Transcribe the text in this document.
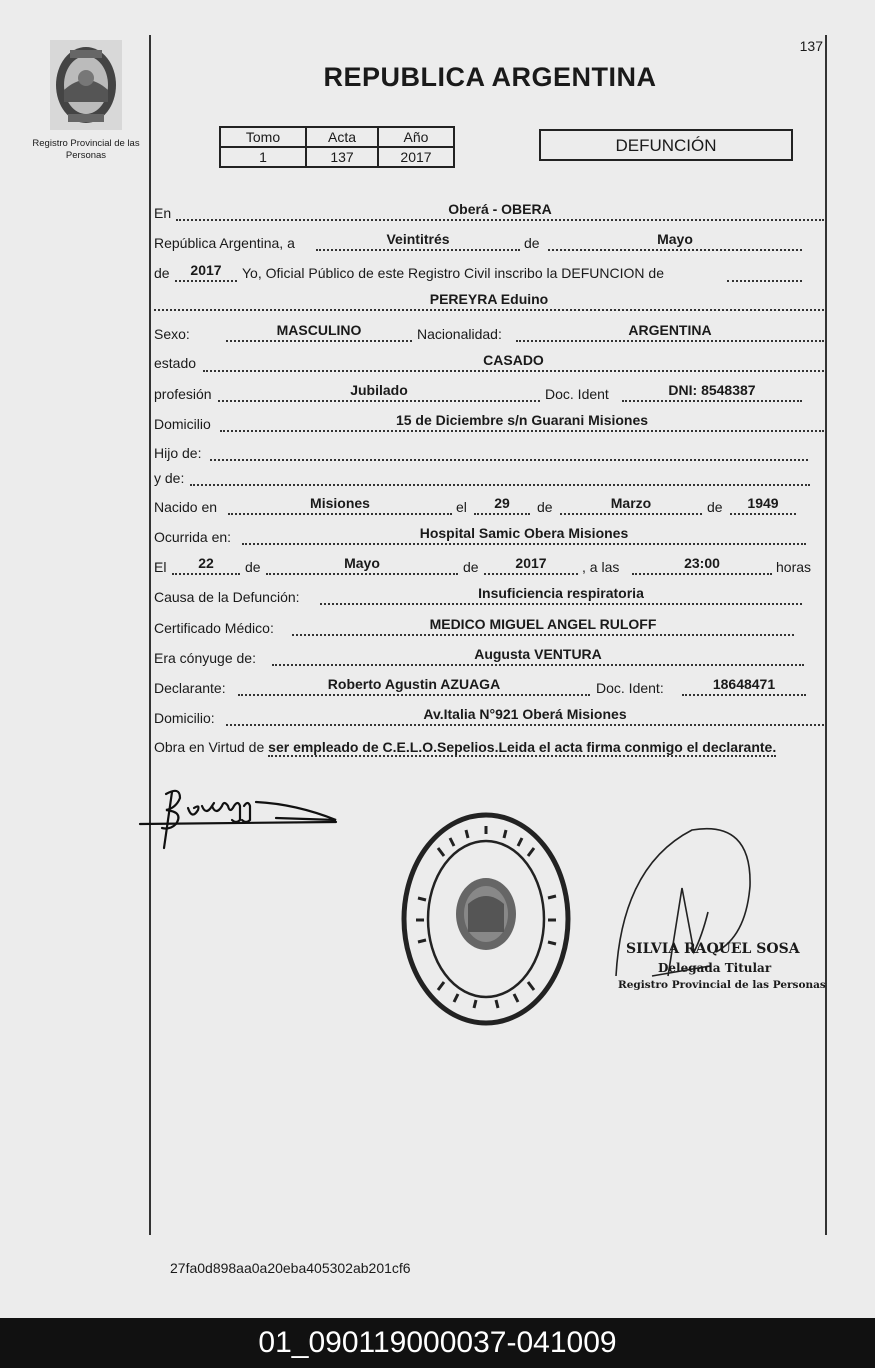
137
REPUBLICA ARGENTINA
Registro Provincial de las Personas
Tomo	Acta	Año
1	137	2017
DEFUNCIÓN
En	Oberá - OBERA
República Argentina, a	Veintitrés	de	Mayo
de	2017	Yo, Oficial Público de este Registro Civil inscribo la DEFUNCION de
PEREYRA Eduino
Sexo:	MASCULINO	Nacionalidad:	ARGENTINA
estado	CASADO
profesión	Jubilado	Doc. Ident	DNI: 8548387
Domicilio	15 de Diciembre s/n Guarani Misiones
Hijo de:
y de:
Nacido en	Misiones	el	29	de	Marzo	de	1949
Ocurrida en:	Hospital Samic Obera Misiones
El	22	de	Mayo	de	2017	, a las	23:00	horas
Causa de la Defunción:	Insuficiencia respiratoria
Certificado Médico:	MEDICO MIGUEL ANGEL RULOFF
Era cónyuge de:	Augusta VENTURA
Declarante:	Roberto Agustin AZUAGA	Doc. Ident:	18648471
Domicilio:	Av.Italia N°921 Oberá Misiones
Obra en Virtud de ser empleado de C.E.L.O.Sepelios.Leida el acta firma conmigo el declarante.
SILVIA RAQUEL SOSA
Delegada Titular
Registro Provincial de las Personas
27fa0d898aa0a20eba405302ab201cf6
01_090119000037-041009
